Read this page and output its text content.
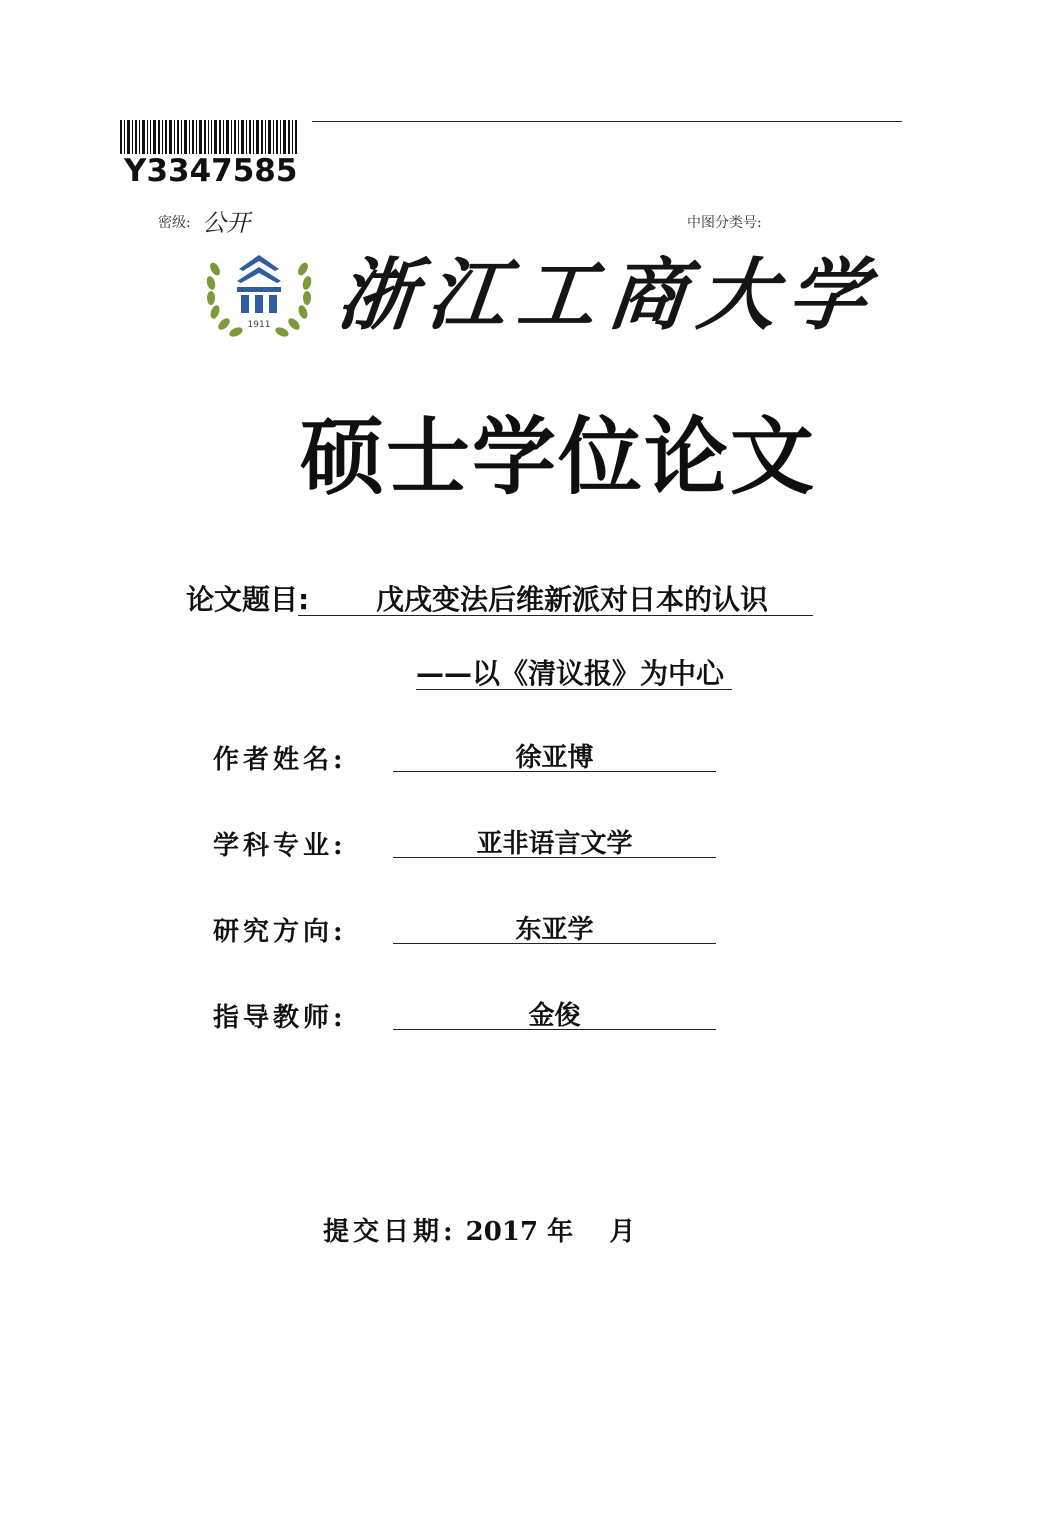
Y3347585
密级: 公开	中图分类号:
1911 浙江工商大学
硕士学位论文
论文题目: 戊戌变法后维新派对日本的认识
——以《清议报》为中心
作者姓名:	徐亚博
学科专业:	亚非语言文学
研究方向:	东亚学
指导教师:	金俊
提交日期: 2017 年 月
